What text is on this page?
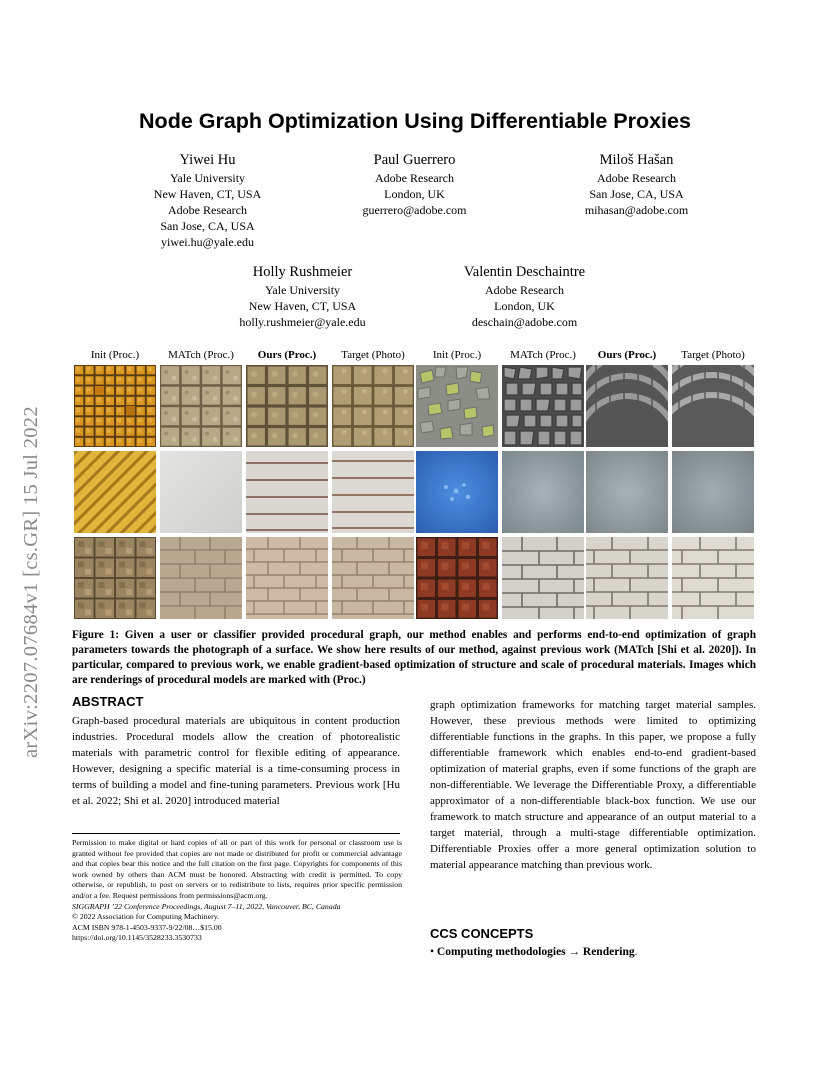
arXiv:2207.07684v1 [cs.GR] 15 Jul 2022
Node Graph Optimization Using Differentiable Proxies
Yiwei Hu
Yale University
New Haven, CT, USA
Adobe Research
San Jose, CA, USA
yiwei.hu@yale.edu
Paul Guerrero
Adobe Research
London, UK
guerrero@adobe.com
Miloš Hašan
Adobe Research
San Jose, CA, USA
mihasan@adobe.com
Holly Rushmeier
Yale University
New Haven, CT, USA
holly.rushmeier@yale.edu
Valentin Deschaintre
Adobe Research
London, UK
deschain@adobe.com
Init (Proc.)	MATch (Proc.)	Ours (Proc.)	Target (Photo)	Init (Proc.)	MATch (Proc.)	Ours (Proc.)	Target (Photo)
Figure 1: Given a user or classifier provided procedural graph, our method enables and performs end-to-end optimization of graph parameters towards the photograph of a surface. We show here results of our method, against previous work (MATch [Shi et al. 2020]). In particular, compared to previous work, we enable gradient-based optimization of structure and scale of procedural materials. Images which are renderings of procedural models are marked with (Proc.)
ABSTRACT
Graph-based procedural materials are ubiquitous in content production industries. Procedural models allow the creation of photorealistic materials with parametric control for flexible editing of appearance. However, designing a specific material is a time-consuming process in terms of building a model and fine-tuning parameters. Previous work [Hu et al. 2022; Shi et al. 2020] introduced material
graph optimization frameworks for matching target material samples. However, these previous methods were limited to optimizing differentiable functions in the graphs. In this paper, we propose a fully differentiable framework which enables end-to-end gradient-based optimization of material graphs, even if some functions of the graph are non-differentiable. We leverage the Differentiable Proxy, a differentiable approximator of a non-differentiable black-box function. We use our framework to match structure and appearance of an output material to a target material, through a multi-stage differentiable optimization. Differentiable Proxies offer a more general optimization solution to material appearance matching than previous work.

Permission to make digital or hard copies of all or part of this work for personal or classroom use is granted without fee provided that copies are not made or distributed for profit or commercial advantage and that copies bear this notice and the full citation on the first page. Copyrights for components of this work owned by others than ACM must be honored. Abstracting with credit is permitted. To copy otherwise, or republish, to post on servers or to redistribute to lists, requires prior specific permission and/or a fee. Request permissions from permissions@acm.org.

SIGGRAPH ’22 Conference Proceedings, August 7–11, 2022, Vancouver, BC, Canada

© 2022 Association for Computing Machinery.

ACM ISBN 978-1-4503-9337-9/22/08…$15.00

https://doi.org/10.1145/3528233.3530733	CCS CONCEPTS
• Computing methodologies → Rendering.
